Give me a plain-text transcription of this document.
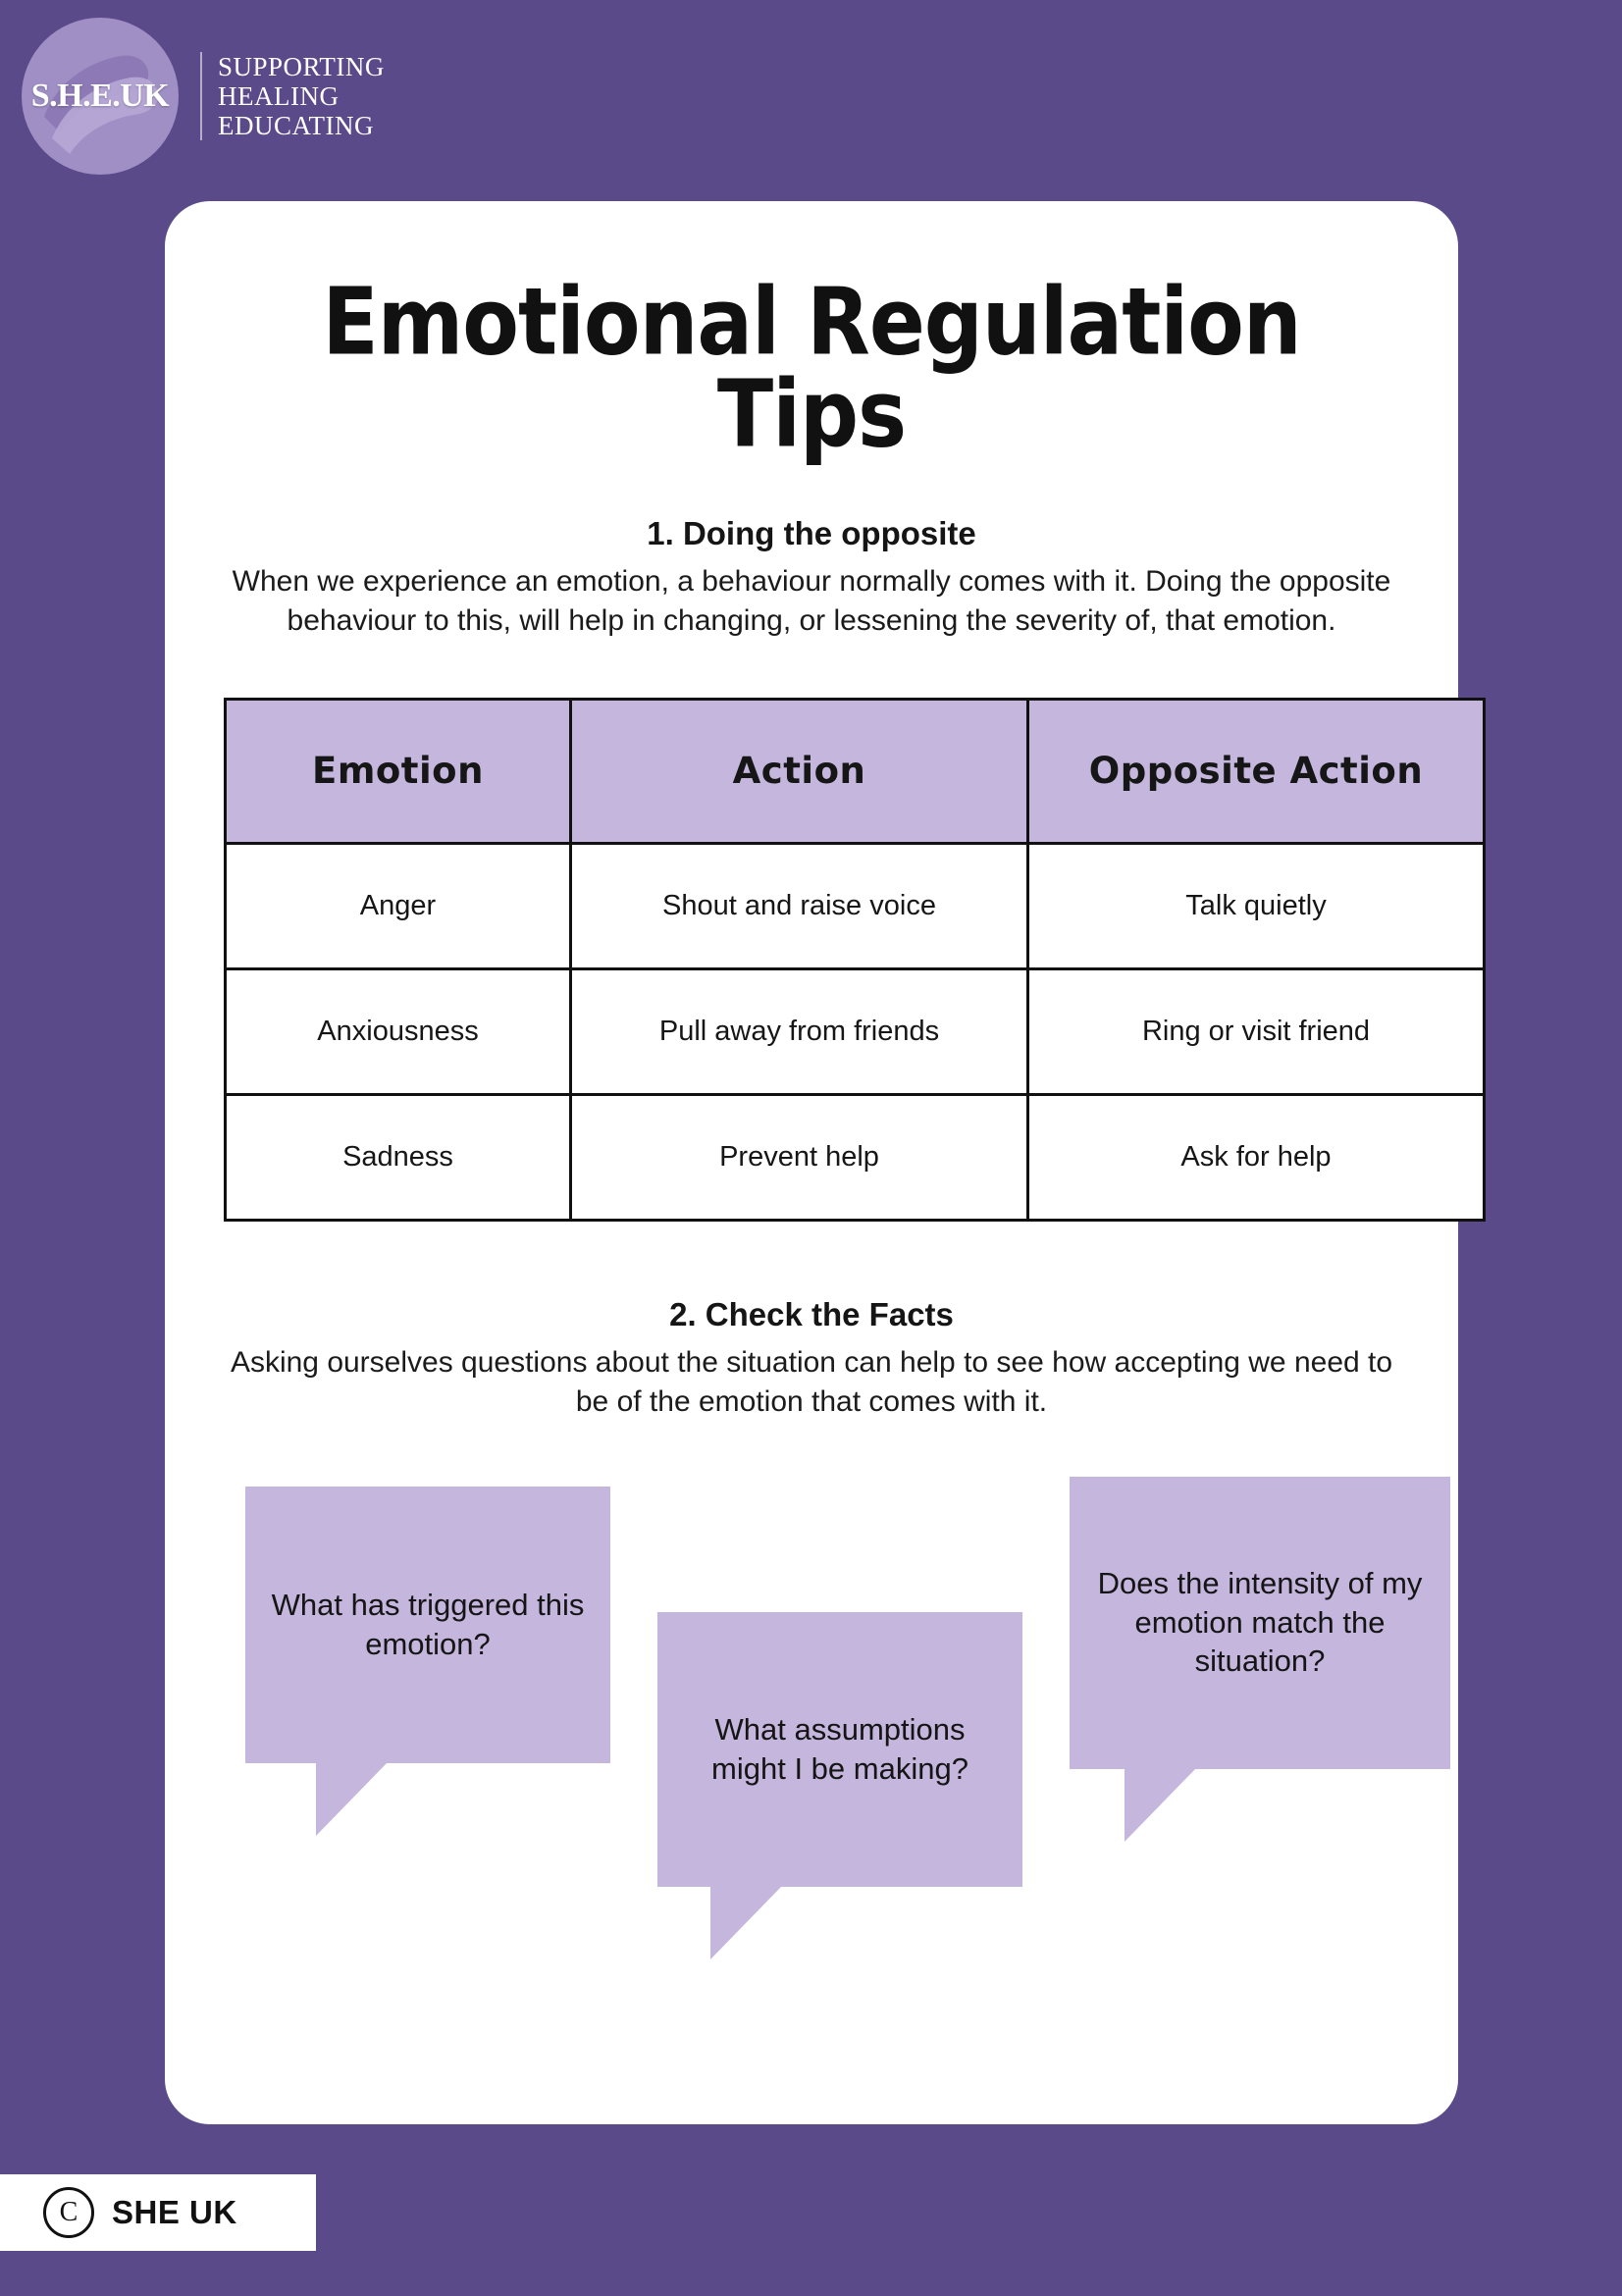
S.H.E.UK
SUPPORTING
HEALING
EDUCATING
Emotional Regulation Tips
1. Doing the opposite

When we experience an emotion, a behaviour normally comes with it. Doing the opposite behaviour to this, will help in changing, or lessening the severity of, that emotion.

Emotion	Action	Opposite Action
Anger	Shout and raise voice	Talk quietly
Anxiousness	Pull away from friends	Ring or visit friend
Sadness	Prevent help	Ask for help
2. Check the Facts

Asking ourselves questions about the situation can help to see how accepting we need to be of the emotion that comes with it.

What has triggered this emotion?
What assumptions might I be making?
Does the intensity of my emotion match the situation?
C	SHE UK
